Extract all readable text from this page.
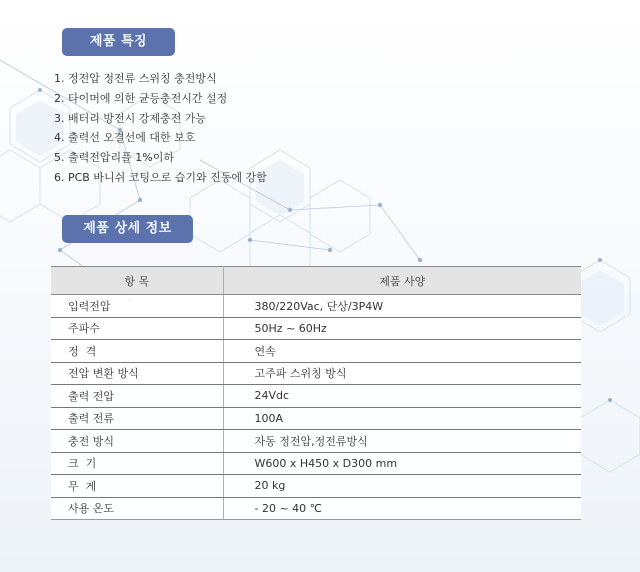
제품 특징
1. 정전압 정전류 스위칭 충전방식
2. 타이머에 의한 균등충전시간 설정
3. 배터리 방전시 강제충전 가능
4. 출력선 오결선에 대한 보호
5. 출력전압리플 1%이하
6. PCB 바니쉬 코팅으로 습기와 진동에 강함
제품 상세 정보
항 목	제품 사양
입력전압	380/220Vac, 단상/3P4W
주파수	50Hz ~ 60Hz
정  격	연속
전압 변환 방식	고주파 스위칭 방식
출력 전압	24Vdc
출력 전류	100A
충전 방식	자동 정전압,정전류방식
크  기	W600 x H450 x D300 mm
무  게	20 kg
사용 온도	- 20 ~ 40 ℃
